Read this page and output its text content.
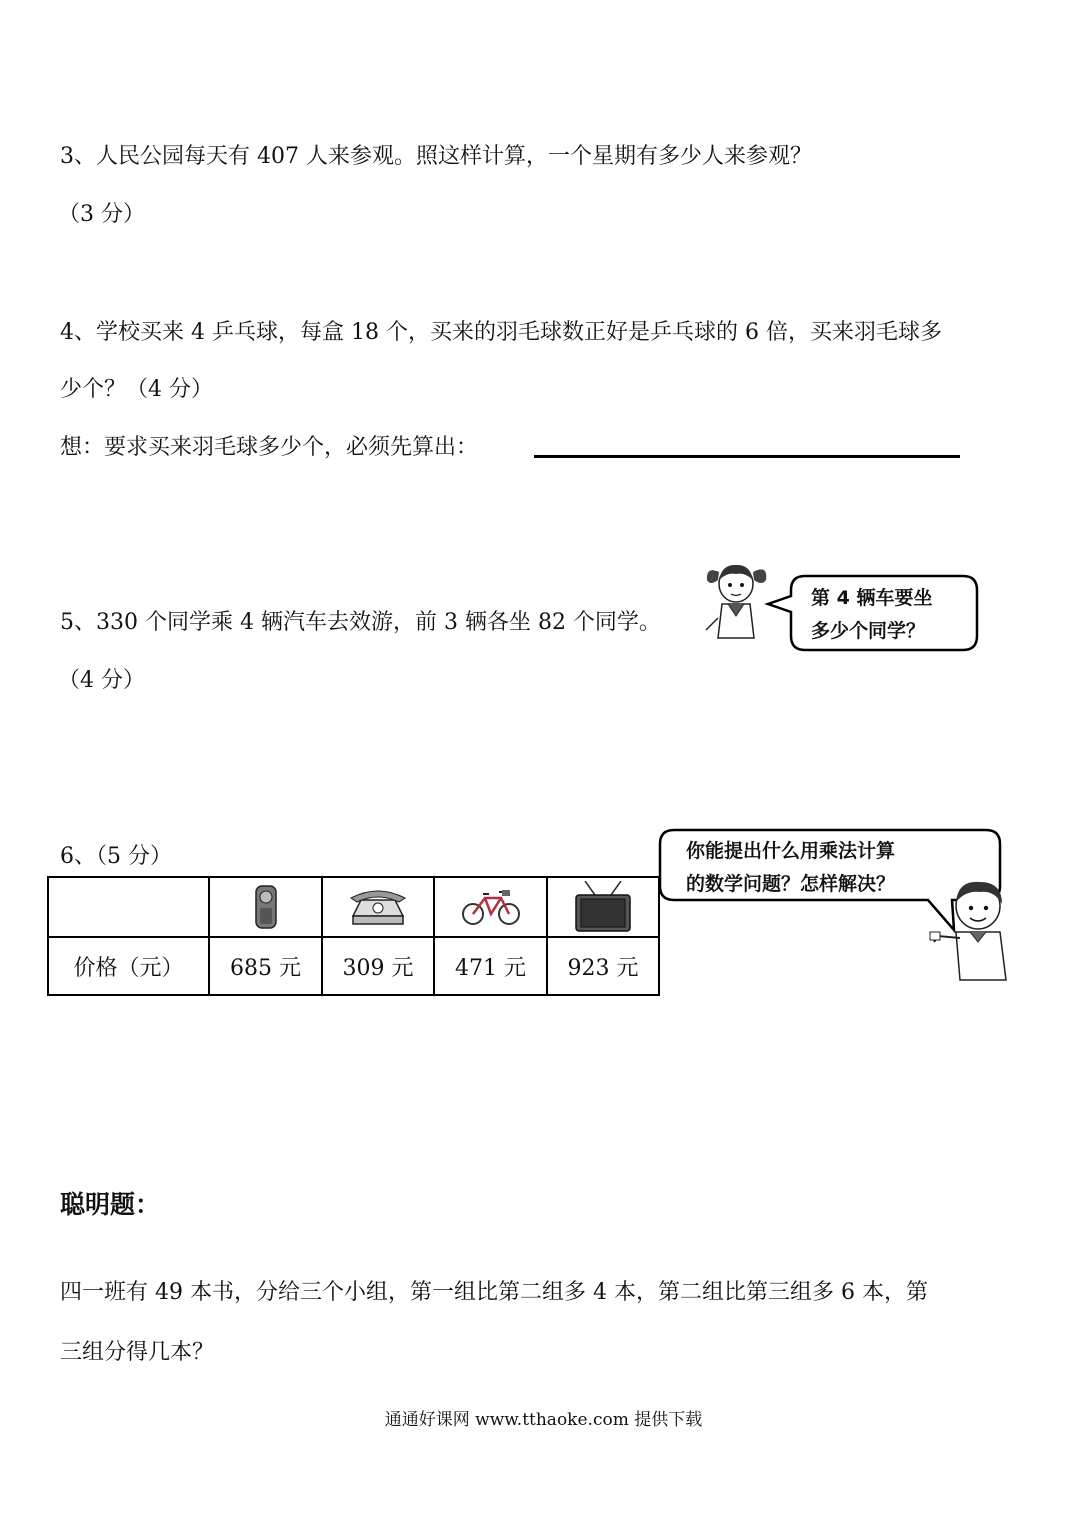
3、人民公园每天有 407 人来参观。照这样计算，一个星期有多少人来参观？
（3 分）
4、学校买来 4 乒乓球，每盒 18 个，买来的羽毛球数正好是乒乓球的 6 倍，买来羽毛球多
少个？（4 分）
想：要求买来羽毛球多少个，必须先算出：
5、330 个同学乘 4 辆汽车去效游，前 3 辆各坐 82 个同学。
（4 分）
第 4 辆车要坐
多少个同学？
6、（5 分）	你能提出什么用乘法计算
的数学问题？怎样解决？

价格（元）	685 元	309 元	471 元	923 元
聪明题：
四一班有 49 本书，分给三个小组，第一组比第二组多 4 本，第二组比第三组多 6 本，第
三组分得几本？
通通好课网 www.tthaoke.com 提供下载
